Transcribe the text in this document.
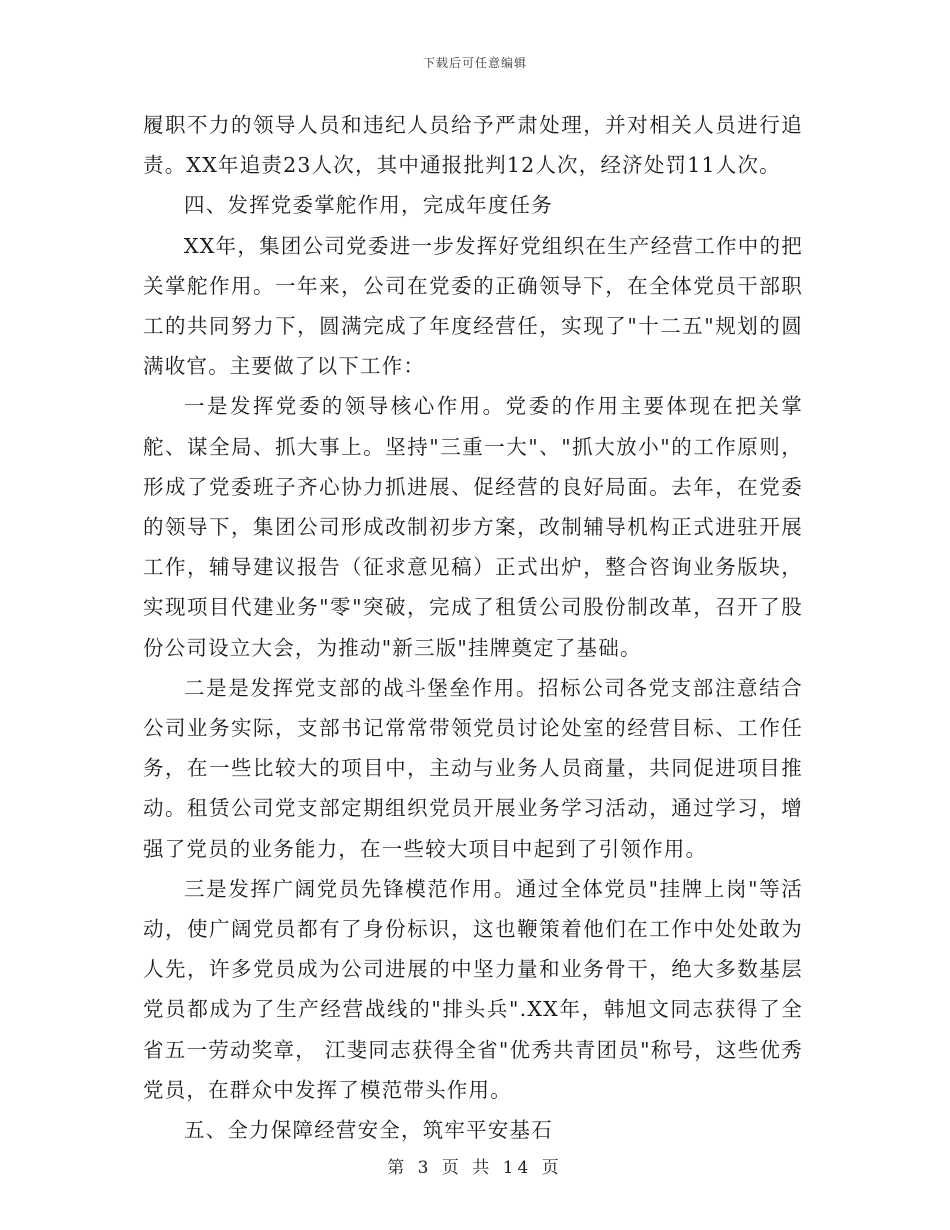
下载后可任意编辑

履职不力的领导人员和违纪人员给予严肃处理，并对相关人员进行追责。XX年追责23人次，其中通报批判12人次，经济处罚11人次。

四、发挥党委掌舵作用，完成年度任务

XX年，集团公司党委进一步发挥好党组织在生产经营工作中的把关掌舵作用。一年来，公司在党委的正确领导下，在全体党员干部职工的共同努力下，圆满完成了年度经营任，实现了"十二五"规划的圆满收官。主要做了以下工作：

一是发挥党委的领导核心作用。党委的作用主要体现在把关掌舵、谋全局、抓大事上。坚持"三重一大"、"抓大放小"的工作原则，形成了党委班子齐心协力抓进展、促经营的良好局面。去年，在党委的领导下，集团公司形成改制初步方案，改制辅导机构正式进驻开展工作，辅导建议报告（征求意见稿）正式出炉，整合咨询业务版块，实现项目代建业务"零"突破，完成了租赁公司股份制改革，召开了股份公司设立大会，为推动"新三版"挂牌奠定了基础。

二是是发挥党支部的战斗堡垒作用。招标公司各党支部注意结合公司业务实际，支部书记常常带领党员讨论处室的经营目标、工作任务，在一些比较大的项目中，主动与业务人员商量，共同促进项目推动。租赁公司党支部定期组织党员开展业务学习活动，通过学习，增强了党员的业务能力，在一些较大项目中起到了引领作用。

三是发挥广阔党员先锋模范作用。通过全体党员"挂牌上岗"等活动，使广阔党员都有了身份标识，这也鞭策着他们在工作中处处敢为人先，许多党员成为公司进展的中坚力量和业务骨干，绝大多数基层党员都成为了生产经营战线的"排头兵".XX年，韩旭文同志获得了全省五一劳动奖章， 江斐同志获得全省"优秀共青团员"称号，这些优秀党员，在群众中发挥了模范带头作用。

五、全力保障经营安全，筑牢平安基石

第 3 页 共 14 页
